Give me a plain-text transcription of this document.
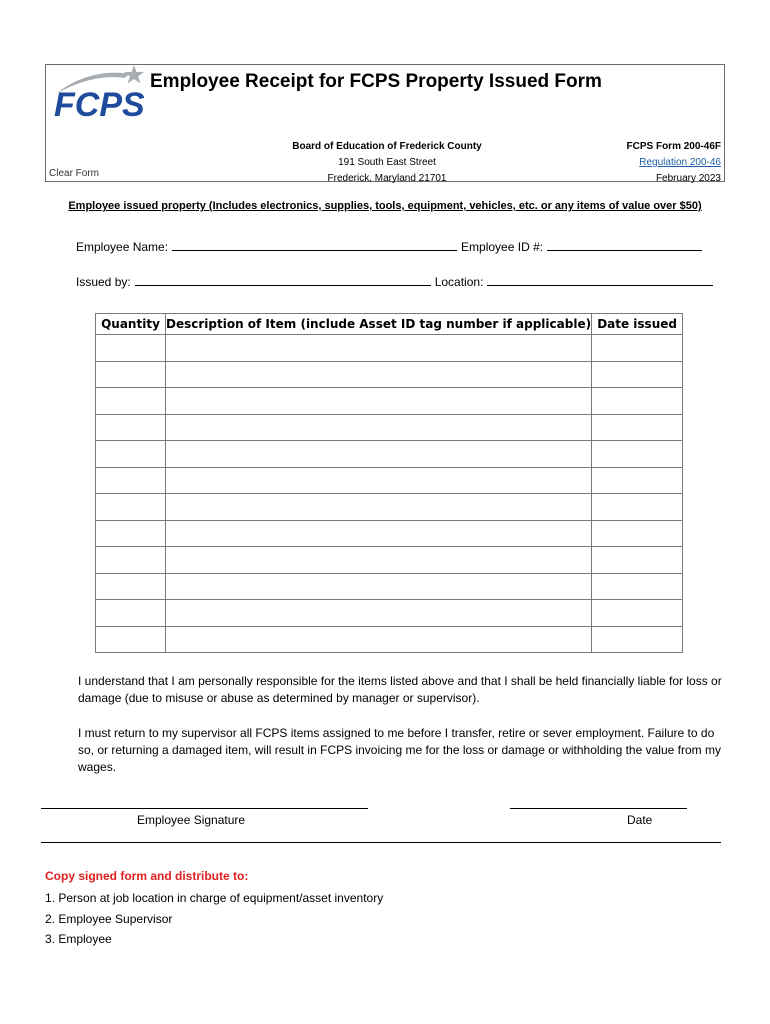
FCPS
Employee Receipt for FCPS Property Issued Form
Clear Form
Board of Education of Frederick County
191 South East Street
Frederick, Maryland 21701
FCPS Form 200-46F
Regulation 200-46
February 2023
Employee issued property (Includes electronics, supplies, tools, equipment, vehicles, etc. or any items of value over $50)
Employee Name:	Employee ID #:
Issued by:	Location:
Quantity	Description of Item (include Asset ID tag number if applicable)	Date issued

I understand that I am personally responsible for the items listed above and that I shall be held financially liable for loss or damage (due to misuse or abuse as determined by manager or supervisor).
I must return to my supervisor all FCPS items assigned to me before I transfer, retire or sever employment. Failure to do so, or returning a damaged item, will result in FCPS invoicing me for the loss or damage or withholding the value from my wages.
Employee Signature	Date
Copy signed form and distribute to:
1. Person at job location in charge of equipment/asset inventory
2. Employee Supervisor
3. Employee
